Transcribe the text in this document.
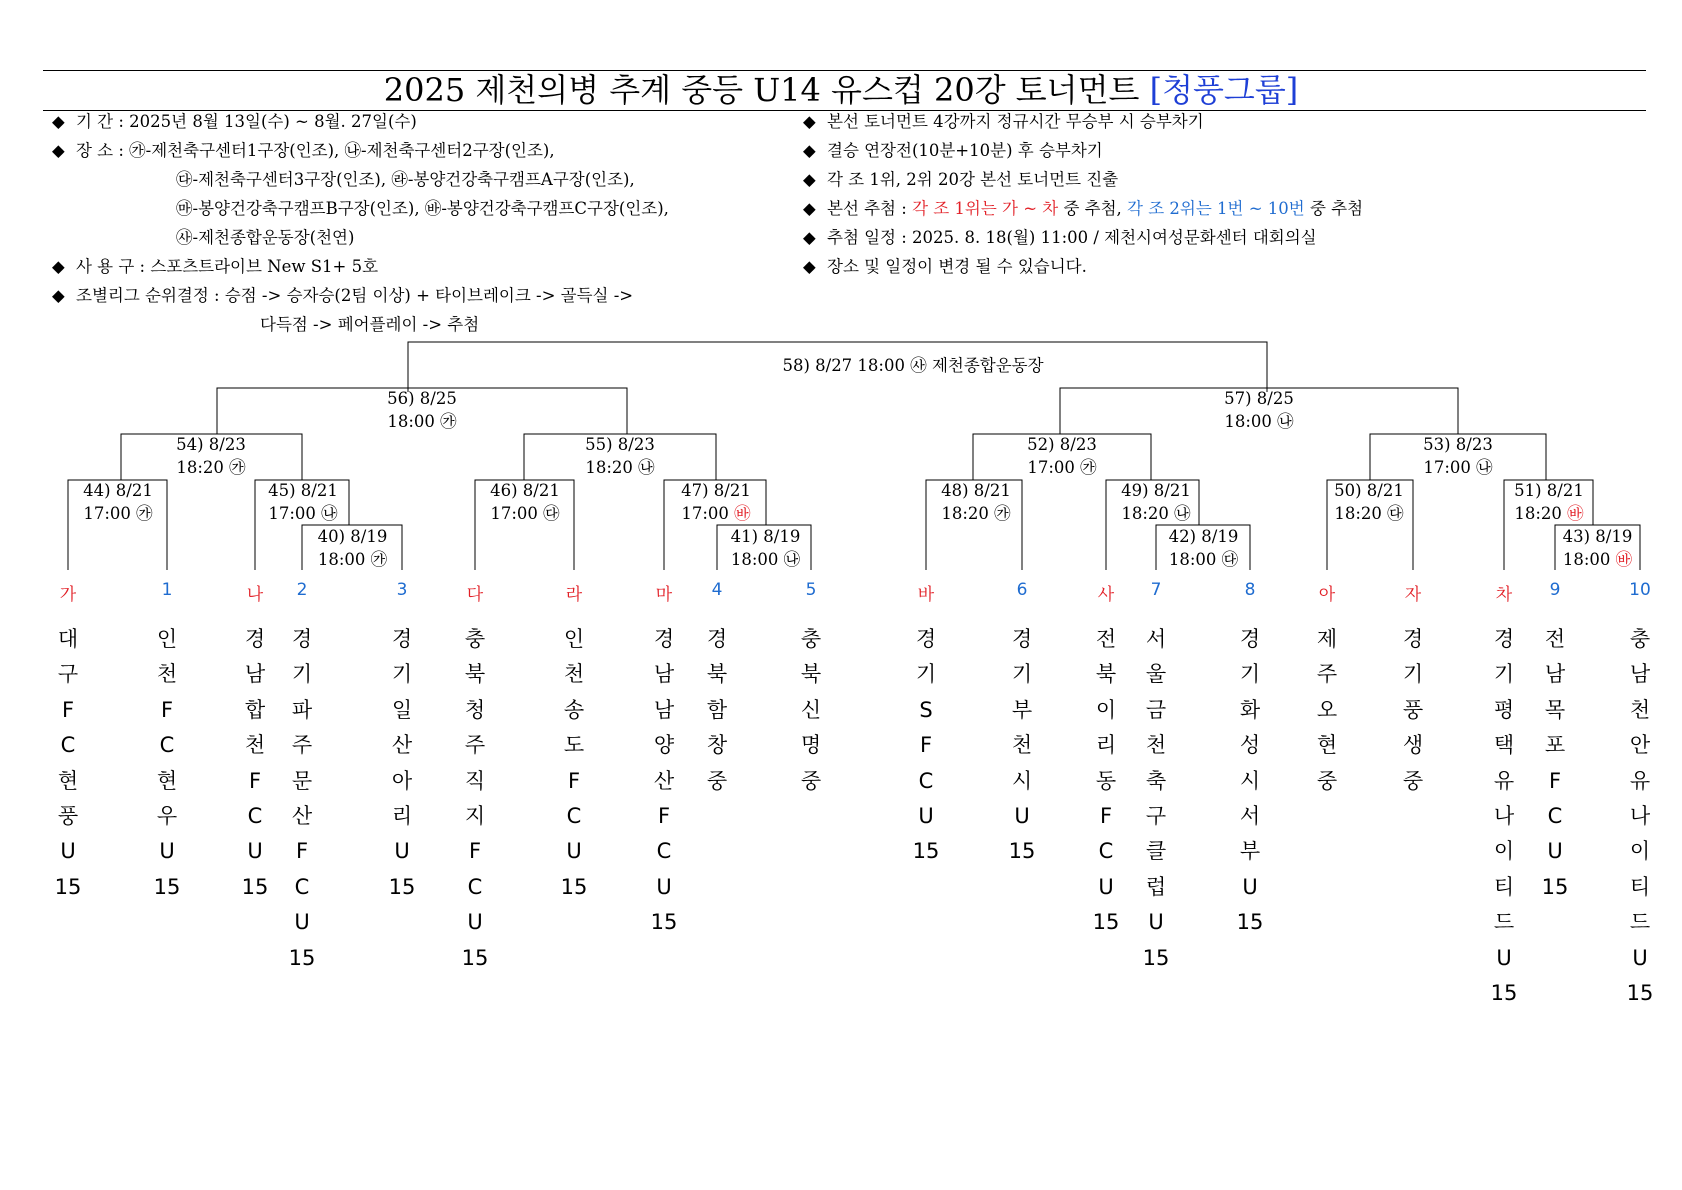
2025 제천의병 추계 중등 U14 유스컵 20강 토너먼트 [청풍그룹]
◆ 기 간 : 2025년 8월 13일(수) ~ 8월. 27일(수)
◆ 장 소 : ㉮-제천축구센터1구장(인조), ㉯-제천축구센터2구장(인조),
㉰-제천축구센터3구장(인조), ㉱-봉양건강축구캠프A구장(인조),
㉲-봉양건강축구캠프B구장(인조), ㉳-봉양건강축구캠프C구장(인조),
㉴-제천종합운동장(천연)
◆ 사 용 구 : 스포츠트라이브 New S1+ 5호
◆ 조별리그 순위결정 : 승점 -> 승자승(2팀 이상) + 타이브레이크 -> 골득실 ->
다득점 -> 페어플레이 -> 추첨
◆ 본선 토너먼트 4강까지 정규시간 무승부 시 승부차기
◆ 결승 연장전(10분+10분) 후 승부차기
◆ 각 조 1위, 2위 20강 본선 토너먼트 진출
◆ 본선 추첨 : 각 조 1위는 가 ~ 차 중 추첨, 각 조 2위는 1번 ~ 10번 중 추첨
◆ 추첨 일정 : 2025. 8. 18(월) 11:00 / 제천시여성문화센터 대회의실
◆ 장소 및 일정이 변경 될 수 있습니다.
58) 8/27 18:00 ㉴ 제천종합운동장
56) 8/25
18:00 ㉮
57) 8/25
18:00 ㉯
54) 8/23
18:20 ㉮
55) 8/23
18:20 ㉯
52) 8/23
17:00 ㉮
53) 8/23
17:00 ㉯
44) 8/21
17:00 ㉮
45) 8/21
17:00 ㉯
46) 8/21
17:00 ㉰
47) 8/21
17:00 ㉳
48) 8/21
18:20 ㉮
49) 8/21
18:20 ㉯
50) 8/21
18:20 ㉰
51) 8/21
18:20 ㉳
40) 8/19
18:00 ㉮
41) 8/19
18:00 ㉯
42) 8/19
18:00 ㉰
43) 8/19
18:00 ㉳
가
대
구
F
C
현
풍
U
15
1
인
천
F
C
현
우
U
15
나
경
남
합
천
F
C
U
15
2
경
기
파
주
문
산
F
C
U
15
3
경
기
일
산
아
리
U
15
다
충
북
청
주
직
지
F
C
U
15
라
인
천
송
도
F
C
U
15
마
경
남
남
양
산
F
C
U
15
4
경
북
함
창
중
5
충
북
신
명
중
바
경
기
S
F
C
U
15
6
경
기
부
천
시
U
15
사
전
북
이
리
동
F
C
U
15
7
서
울
금
천
축
구
클
럽
U
15
8
경
기
화
성
시
서
부
U
15
아
제
주
오
현
중
자
경
기
풍
생
중
차
경
기
평
택
유
나
이
티
드
U
15
9
전
남
목
포
F
C
U
15
10
충
남
천
안
유
나
이
티
드
U
15
